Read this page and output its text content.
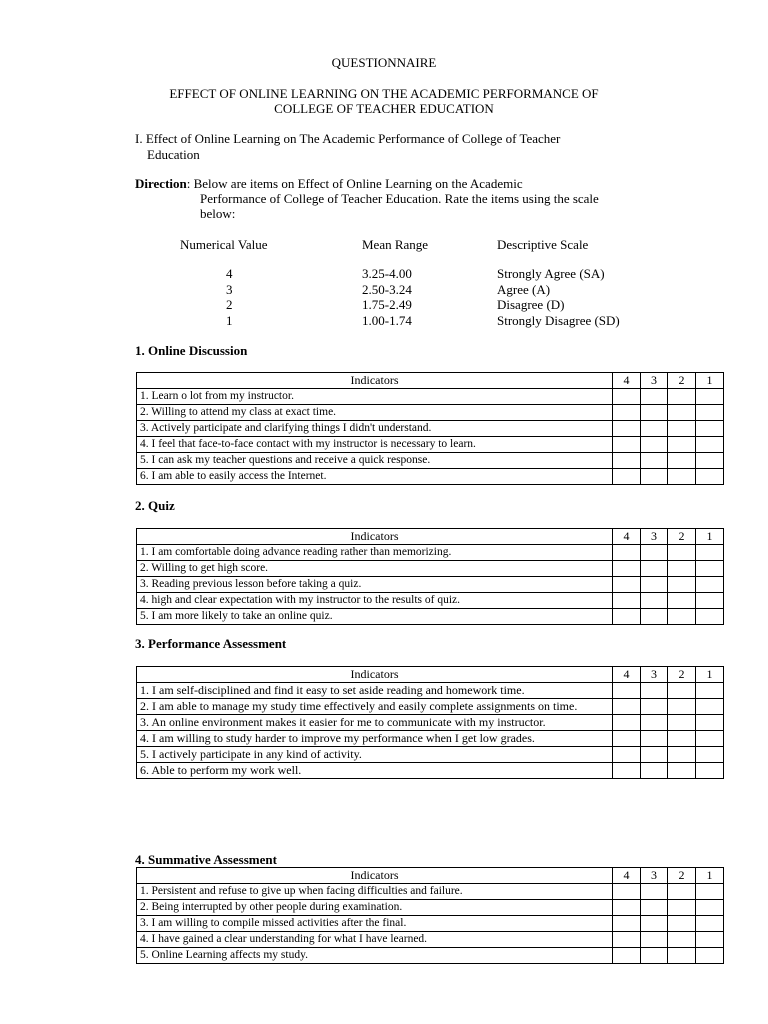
QUESTIONNAIRE
EFFECT OF ONLINE LEARNING ON THE ACADEMIC PERFORMANCE OF
COLLEGE OF TEACHER EDUCATION
I. Effect of Online Learning on The Academic Performance of College of Teacher
Education
Direction: Below are items on Effect of Online Learning on the Academic
Performance of College of Teacher Education. Rate the items using the scale
below:
Numerical Value	Mean Range	Descriptive Scale
4	3.25-4.00	Strongly Agree (SA)
3	2.50-3.24	Agree (A)
2	1.75-2.49	Disagree (D)
1	1.00-1.74	Strongly Disagree (SD)
1. Online Discussion
Indicators	4	3	2	1
1. Learn o lot from my instructor.				
2. Willing to attend my class at exact time.				
3. Actively participate and clarifying things I didn't understand.				
4. I feel that face-to-face contact with my instructor is necessary to learn.				
5. I can ask my teacher questions and receive a quick response.				
6. I am able to easily access the Internet.				
2. Quiz
Indicators	4	3	2	1
1. I am comfortable doing advance reading rather than memorizing.				
2. Willing to get high score.				
3. Reading previous lesson before taking a quiz.				
4. high and clear expectation with my instructor to the results of quiz.				
5. I am more likely to take an online quiz.				
3. Performance Assessment
Indicators	4	3	2	1
1. I am self-disciplined and find it easy to set aside reading and homework time.				
2. I am able to manage my study time effectively and easily complete assignments on time.				
3. An online environment makes it easier for me to communicate with my instructor.				
4. I am willing to study harder to improve my performance when I get low grades.				
5. I actively participate in any kind of activity.				
6. Able to perform my work well.				
4. Summative Assessment
Indicators	4	3	2	1
1. Persistent and refuse to give up when facing difficulties and failure.				
2. Being interrupted by other people during examination.				
3. I am willing to compile missed activities after the final.				
4. I have gained a clear understanding for what I have learned.				
5. Online Learning affects my study.				
